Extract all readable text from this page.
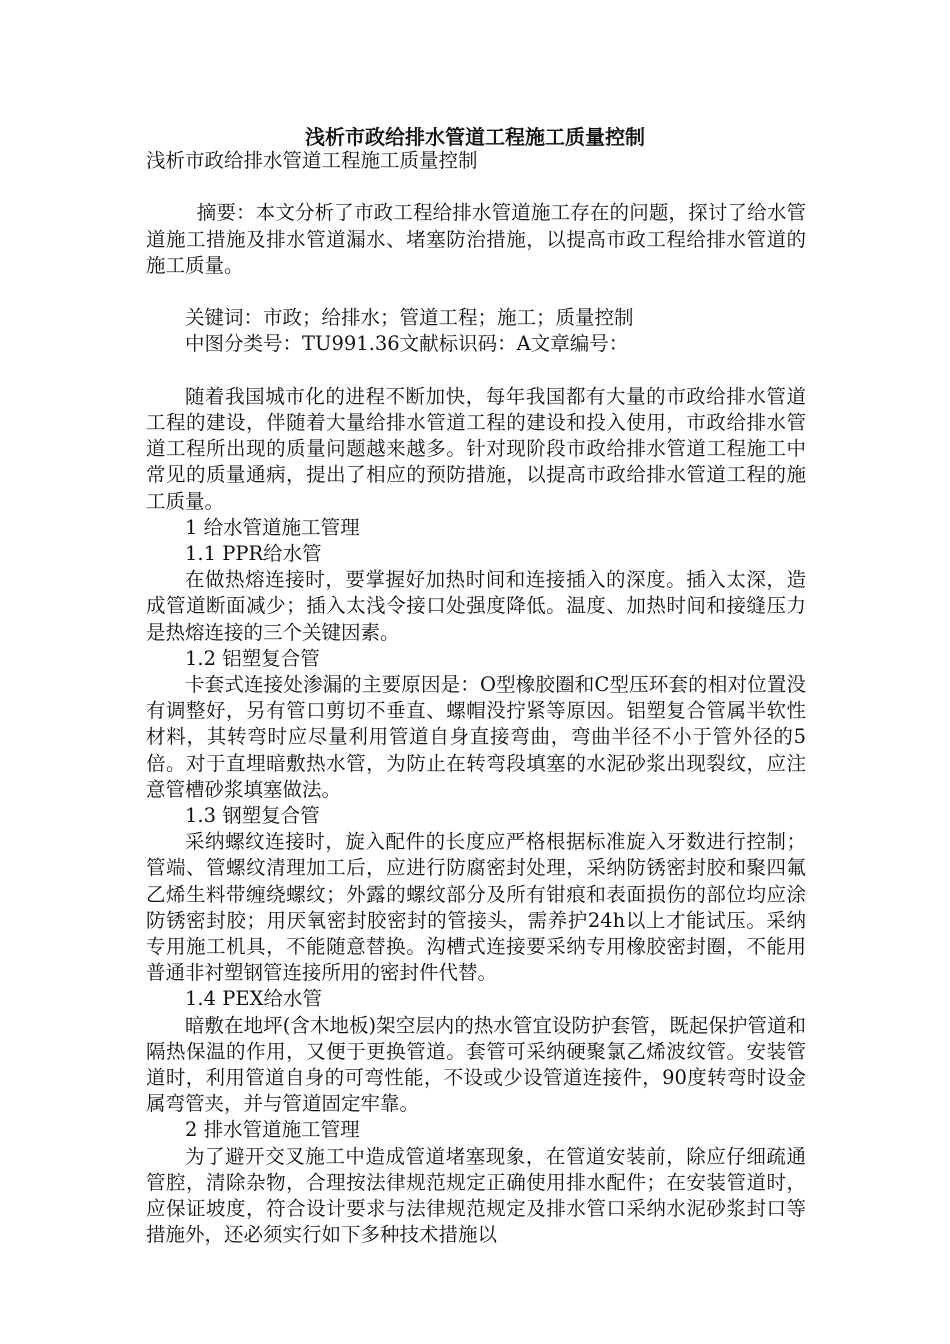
浅析市政给排水管道工程施工质量控制

浅析市政给排水管道工程施工质量控制

摘要：本文分析了市政工程给排水管道施工存在的问题，探讨了给水管道施工措施及排水管道漏水、堵塞防治措施，以提高市政工程给排水管道的施工质量。

关键词：市政；给排水；管道工程；施工；质量控制

中图分类号：TU991.36文献标识码：A文章编号：

随着我国城市化的进程不断加快，每年我国都有大量的市政给排水管道工程的建设，伴随着大量给排水管道工程的建设和投入使用，市政给排水管道工程所出现的质量问题越来越多。针对现阶段市政给排水管道工程施工中常见的质量通病，提出了相应的预防措施，以提高市政给排水管道工程的施工质量。

1 给水管道施工管理

1.1 PPR给水管

在做热熔连接时，要掌握好加热时间和连接插入的深度。插入太深，造成管道断面减少；插入太浅令接口处强度降低。温度、加热时间和接缝压力是热熔连接的三个关键因素。

1.2 铝塑复合管

卡套式连接处渗漏的主要原因是：O型橡胶圈和C型压环套的相对位置没有调整好，另有管口剪切不垂直、螺帽没拧紧等原因。铝塑复合管属半软性材料，其转弯时应尽量利用管道自身直接弯曲，弯曲半径不小于管外径的5倍。对于直埋暗敷热水管，为防止在转弯段填塞的水泥砂浆出现裂纹，应注意管槽砂浆填塞做法。

1.3 钢塑复合管

采纳螺纹连接时，旋入配件的长度应严格根据标准旋入牙数进行控制；管端、管螺纹清理加工后，应进行防腐密封处理，采纳防锈密封胶和聚四氟乙烯生料带缠绕螺纹；外露的螺纹部分及所有钳痕和表面损伤的部位均应涂防锈密封胶；用厌氧密封胶密封的管接头，需养护24h以上才能试压。采纳专用施工机具，不能随意替换。沟槽式连接要采纳专用橡胶密封圈，不能用普通非衬塑钢管连接所用的密封件代替。

1.4 PEX给水管

暗敷在地坪(含木地板)架空层内的热水管宜设防护套管，既起保护管道和隔热保温的作用，又便于更换管道。套管可采纳硬聚氯乙烯波纹管。安装管道时，利用管道自身的可弯性能，不设或少设管道连接件，90度转弯时设金属弯管夹，并与管道固定牢靠。

2 排水管道施工管理

为了避开交叉施工中造成管道堵塞现象，在管道安装前，除应仔细疏通管腔，清除杂物，合理按法律规范规定正确使用排水配件；在安装管道时，应保证坡度，符合设计要求与法律规范规定及排水管口采纳水泥砂浆封口等措施外，还必须实行如下多种技术措施以
